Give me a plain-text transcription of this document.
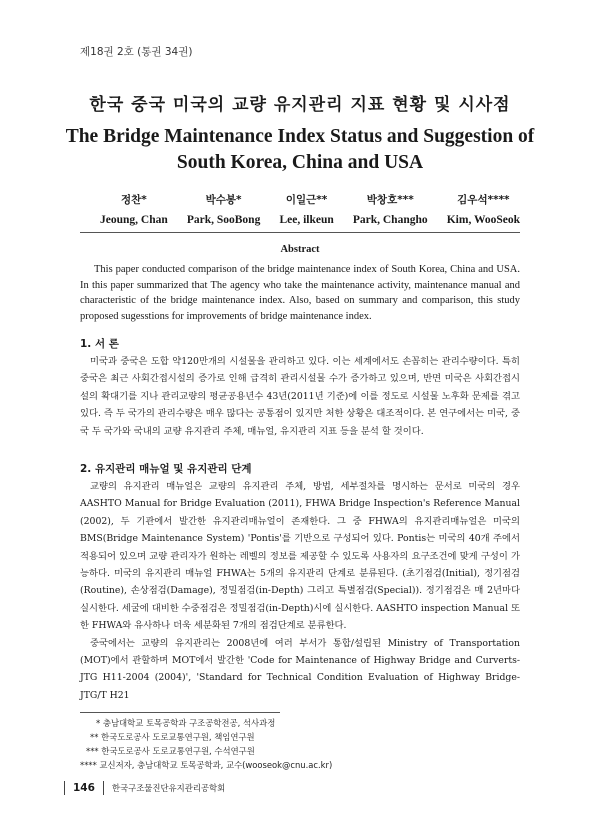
제18권 2호 (통권 34권)
한국 중국 미국의 교량 유지관리 지표 현황 및 시사점
The Bridge Maintenance Index Status and Suggestion of South Korea, China and USA
정찬*
Jeoung, Chan
박수봉*
Park, SooBong
이일근**
Lee, ilkeun
박창호***
Park, Changho
김우석****
Kim, WooSeok
Abstract
This paper conducted comparison of the bridge maintenance index of South Korea, China and USA. In this paper summarized that The agency who take the maintenance activity, maintenance manual and characteristic of the bridge maintenance index. Also, based on summary and comparison, this study proposed sugesstions for improvements of bridge maintenance index.
1. 서 론
미국과 중국은 도합 약120만개의 시설물을 관리하고 있다. 이는 세계에서도 손꼽히는 관리수량이다. 특히 중국은 최근 사회간접시설의 증가로 인해 급격히 관리시설물 수가 증가하고 있으며, 반면 미국은 사회간접시설의 확대기를 지나 관리교량의 평균공용년수 43년(2011년 기준)에 이를 정도로 시설물 노후화 문제를 겪고 있다. 즉 두 국가의 관리수량은 매우 많다는 공통점이 있지만 처한 상황은 대조적이다. 본 연구에서는 미국, 중국 두 국가와 국내의 교량 유지관리 주체, 매뉴얼, 유지관리 지표 등을 분석 할 것이다.
2. 유지관리 매뉴얼 및 유지관리 단계

교량의 유지관리 매뉴얼은 교량의 유지관리 주체, 방법, 세부절차를 명시하는 문서로 미국의 경우 AASHTO Manual for Bridge Evaluation (2011), FHWA Bridge Inspection's Reference Manual (2002), 두 기관에서 발간한 유지관리매뉴얼이 존재한다. 그 중 FHWA의 유지관리매뉴얼은 미국의 BMS(Bridge Maintenance System) 'Pontis'를 기반으로 구성되어 있다. Pontis는 미국의 40개 주에서 적용되어 있으며 교량 관리자가 원하는 레벨의 정보를 제공할 수 있도록 사용자의 요구조건에 맞게 구성이 가능하다. 미국의 유지관리 매뉴얼 FHWA는 5개의 유지관리 단계로 분류된다. (초기점검(Initial), 정기점검(Routine), 손상점검(Damage), 정밀점검(in-Depth) 그리고 특별점검(Special)). 정기점검은 매 2년마다 실시한다. 세굴에 대비한 수중점검은 정밀점검(in-Depth)시에 실시한다. AASHTO inspection Manual 또한 FHWA와 유사하나 더욱 세분화된 7개의 점검단계로 분류한다.

중국에서는 교량의 유지관리는 2008년에 여러 부서가 통합/설립된 Ministry of Transportation (MOT)에서 관할하며 MOT에서 발간한 'Code for Maintenance of Highway Bridge and Curverts-JTG H11-2004 (2004)', 'Standard for Technical Condition Evaluation of Highway Bridge-JTG/T H21

* 충남대학교 토목공학과 구조공학전공, 석사과정
** 한국도로공사 도로교통연구원, 책임연구원
*** 한국도로공사 도로교통연구원, 수석연구원
**** 교신저자, 충남대학교 토목공학과, 교수(wooseok@cnu.ac.kr)
146 한국구조물진단유지관리공학회
